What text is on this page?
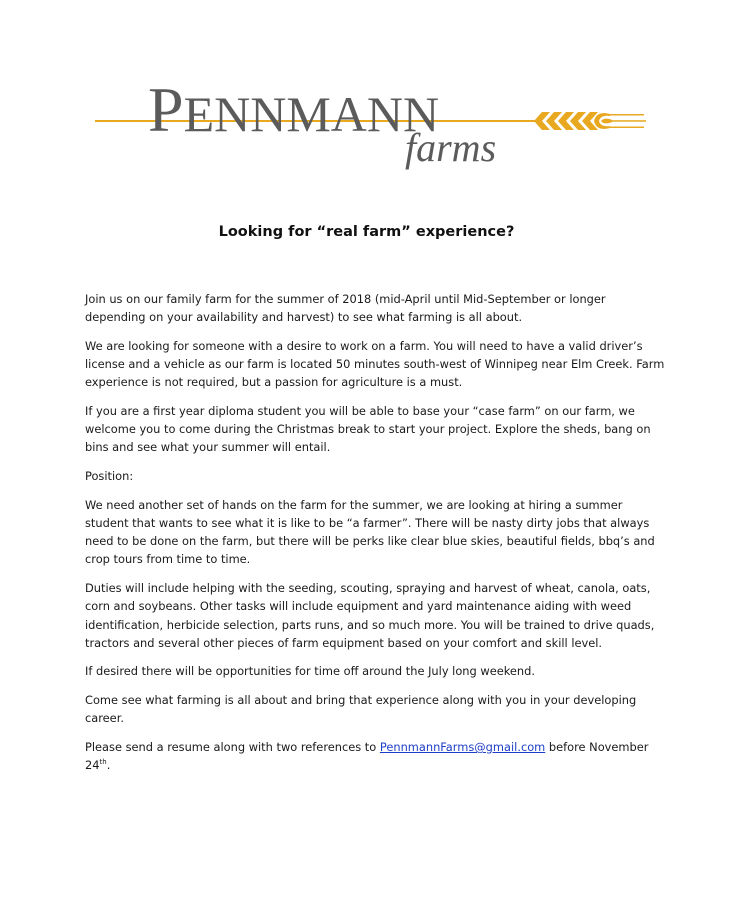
PENNMANN
farms
Looking for “real farm” experience?

Join us on our family farm for the summer of 2018 (mid-April until Mid-September or longer depending on your availability and harvest) to see what farming is all about.

We are looking for someone with a desire to work on a farm. You will need to have a valid driver’s license and a vehicle as our farm is located 50 minutes south-west of Winnipeg near Elm Creek. Farm experience is not required, but a passion for agriculture is a must.

If you are a first year diploma student you will be able to base your “case farm” on our farm, we welcome you to come during the Christmas break to start your project. Explore the sheds, bang on bins and see what your summer will entail.

Position:

We need another set of hands on the farm for the summer, we are looking at hiring a summer student that wants to see what it is like to be “a farmer”. There will be nasty dirty jobs that always need to be done on the farm, but there will be perks like clear blue skies, beautiful fields, bbq’s and crop tours from time to time.

Duties will include helping with the seeding, scouting, spraying and harvest of wheat, canola, oats, corn and soybeans. Other tasks will include equipment and yard maintenance aiding with weed identification, herbicide selection, parts runs, and so much more. You will be trained to drive quads, tractors and several other pieces of farm equipment based on your comfort and skill level.

If desired there will be opportunities for time off around the July long weekend.

Come see what farming is all about and bring that experience along with you in your developing career.

Please send a resume along with two references to PennmannFarms@gmail.com before November 24th.
